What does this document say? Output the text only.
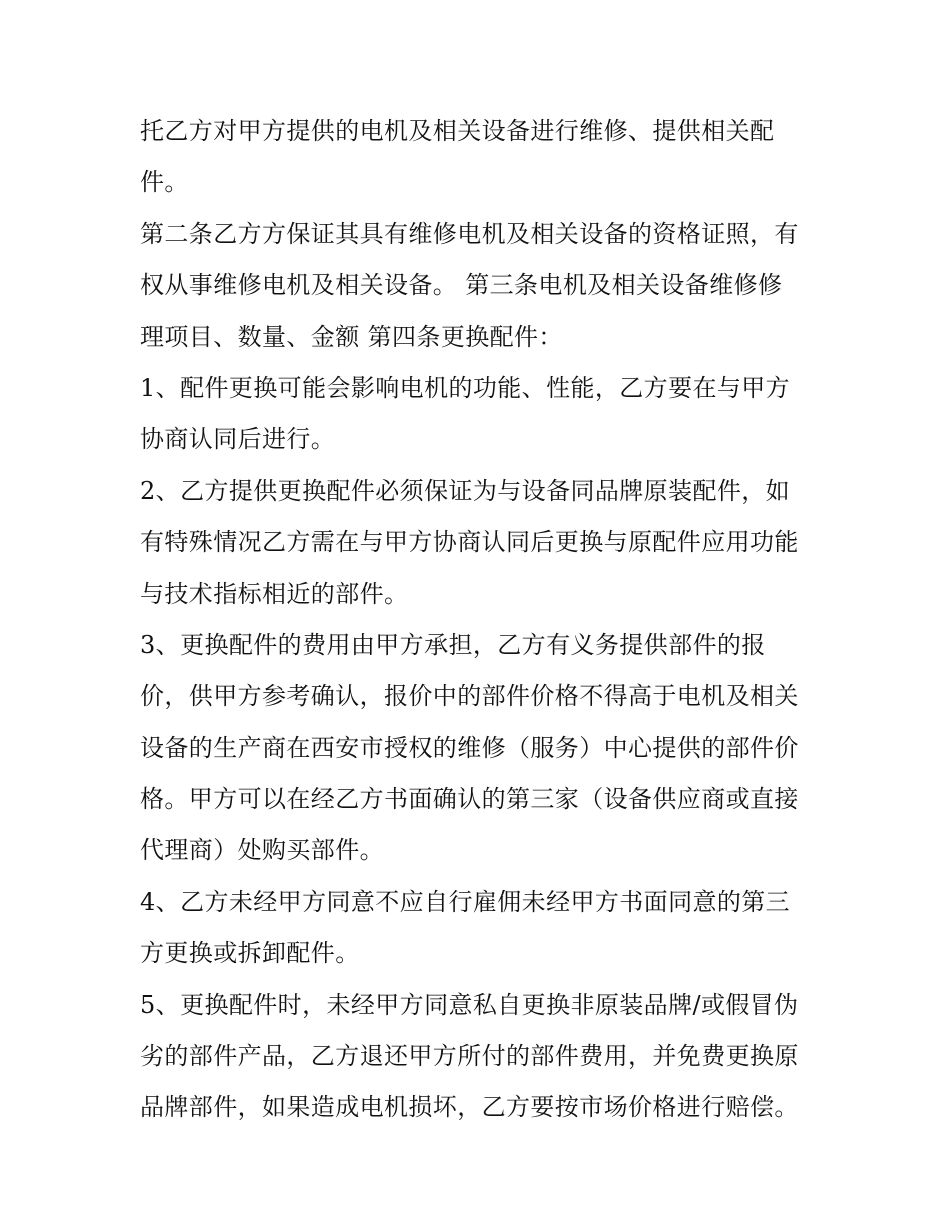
托乙方对甲方提供的电机及相关设备进行维修、提供相关配
件。
第二条乙方方保证其具有维修电机及相关设备的资格证照，有
权从事维修电机及相关设备。 第三条电机及相关设备维修修
理项目、数量、金额 第四条更换配件：
1、配件更换可能会影响电机的功能、性能，乙方要在与甲方
协商认同后进行。
2、乙方提供更换配件必须保证为与设备同品牌原装配件，如
有特殊情况乙方需在与甲方协商认同后更换与原配件应用功能
与技术指标相近的部件。
3、更换配件的费用由甲方承担，乙方有义务提供部件的报
价，供甲方参考确认，报价中的部件价格不得高于电机及相关
设备的生产商在西安市授权的维修（服务）中心提供的部件价
格。甲方可以在经乙方书面确认的第三家（设备供应商或直接
代理商）处购买部件。
4、乙方未经甲方同意不应自行雇佣未经甲方书面同意的第三
方更换或拆卸配件。
5、更换配件时，未经甲方同意私自更换非原装品牌/或假冒伪
劣的部件产品，乙方退还甲方所付的部件费用，并免费更换原
品牌部件，如果造成电机损坏，乙方要按市场价格进行赔偿。
